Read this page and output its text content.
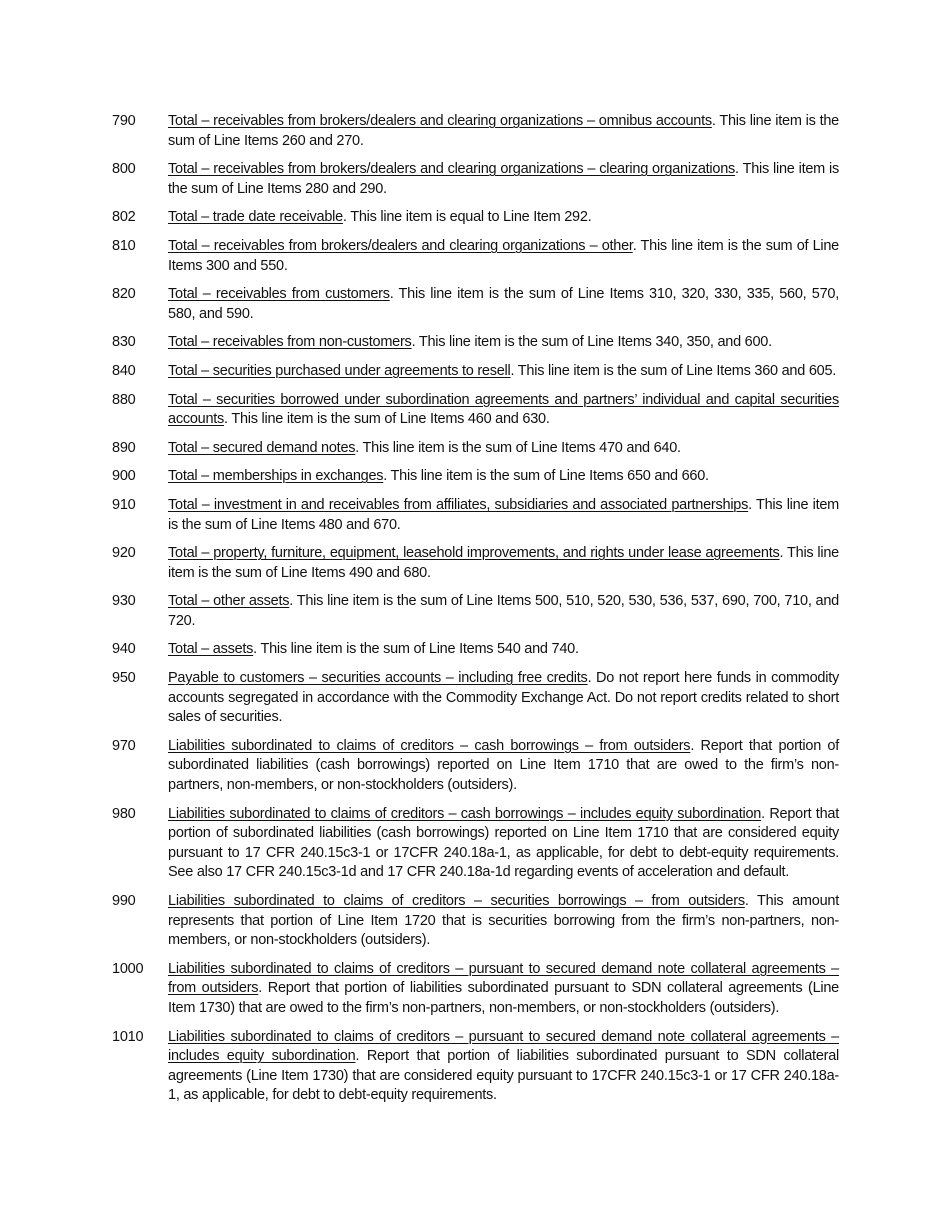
790	Total – receivables from brokers/dealers and clearing organizations – omnibus accounts. This line item is the sum of Line Items 260 and 270.
800	Total – receivables from brokers/dealers and clearing organizations – clearing organizations. This line item is the sum of Line Items 280 and 290.
802	Total – trade date receivable. This line item is equal to Line Item 292.
810	Total – receivables from brokers/dealers and clearing organizations – other. This line item is the sum of Line Items 300 and 550.
820	Total – receivables from customers. This line item is the sum of Line Items 310, 320, 330, 335, 560, 570, 580, and 590.
830	Total – receivables from non-customers. This line item is the sum of Line Items 340, 350, and 600.
840	Total – securities purchased under agreements to resell. This line item is the sum of Line Items 360 and 605.
880	Total – securities borrowed under subordination agreements and partners’ individual and capital securities accounts. This line item is the sum of Line Items 460 and 630.
890	Total – secured demand notes. This line item is the sum of Line Items 470 and 640.
900	Total – memberships in exchanges. This line item is the sum of Line Items 650 and 660.
910	Total – investment in and receivables from affiliates, subsidiaries and associated partnerships. This line item is the sum of Line Items 480 and 670.
920	Total – property, furniture, equipment, leasehold improvements, and rights under lease agreements. This line item is the sum of Line Items 490 and 680.
930	Total – other assets. This line item is the sum of Line Items 500, 510, 520, 530, 536, 537, 690, 700, 710, and 720.
940	Total – assets. This line item is the sum of Line Items 540 and 740.
950	Payable to customers – securities accounts – including free credits. Do not report here funds in commodity accounts segregated in accordance with the Commodity Exchange Act. Do not report credits related to short sales of securities.
970	Liabilities subordinated to claims of creditors – cash borrowings – from outsiders. Report that portion of subordinated liabilities (cash borrowings) reported on Line Item 1710 that are owed to the firm’s non-partners, non-members, or non-stockholders (outsiders).
980	Liabilities subordinated to claims of creditors – cash borrowings – includes equity subordination. Report that portion of subordinated liabilities (cash borrowings) reported on Line Item 1710 that are considered equity pursuant to 17 CFR 240.15c3-1 or 17CFR 240.18a-1, as applicable, for debt to debt-equity requirements. See also 17 CFR 240.15c3-1d and 17 CFR 240.18a-1d regarding events of acceleration and default.
990	Liabilities subordinated to claims of creditors – securities borrowings – from outsiders. This amount represents that portion of Line Item 1720 that is securities borrowing from the firm’s non-partners, non-members, or non-stockholders (outsiders).
1000	Liabilities subordinated to claims of creditors – pursuant to secured demand note collateral agreements – from outsiders. Report that portion of liabilities subordinated pursuant to SDN collateral agreements (Line Item 1730) that are owed to the firm’s non-partners, non-members, or non-stockholders (outsiders).
1010	Liabilities subordinated to claims of creditors – pursuant to secured demand note collateral agreements – includes equity subordination. Report that portion of liabilities subordinated pursuant to SDN collateral agreements (Line Item 1730) that are considered equity pursuant to 17CFR 240.15c3-1 or 17 CFR 240.18a-1, as applicable, for debt to debt-equity requirements.
